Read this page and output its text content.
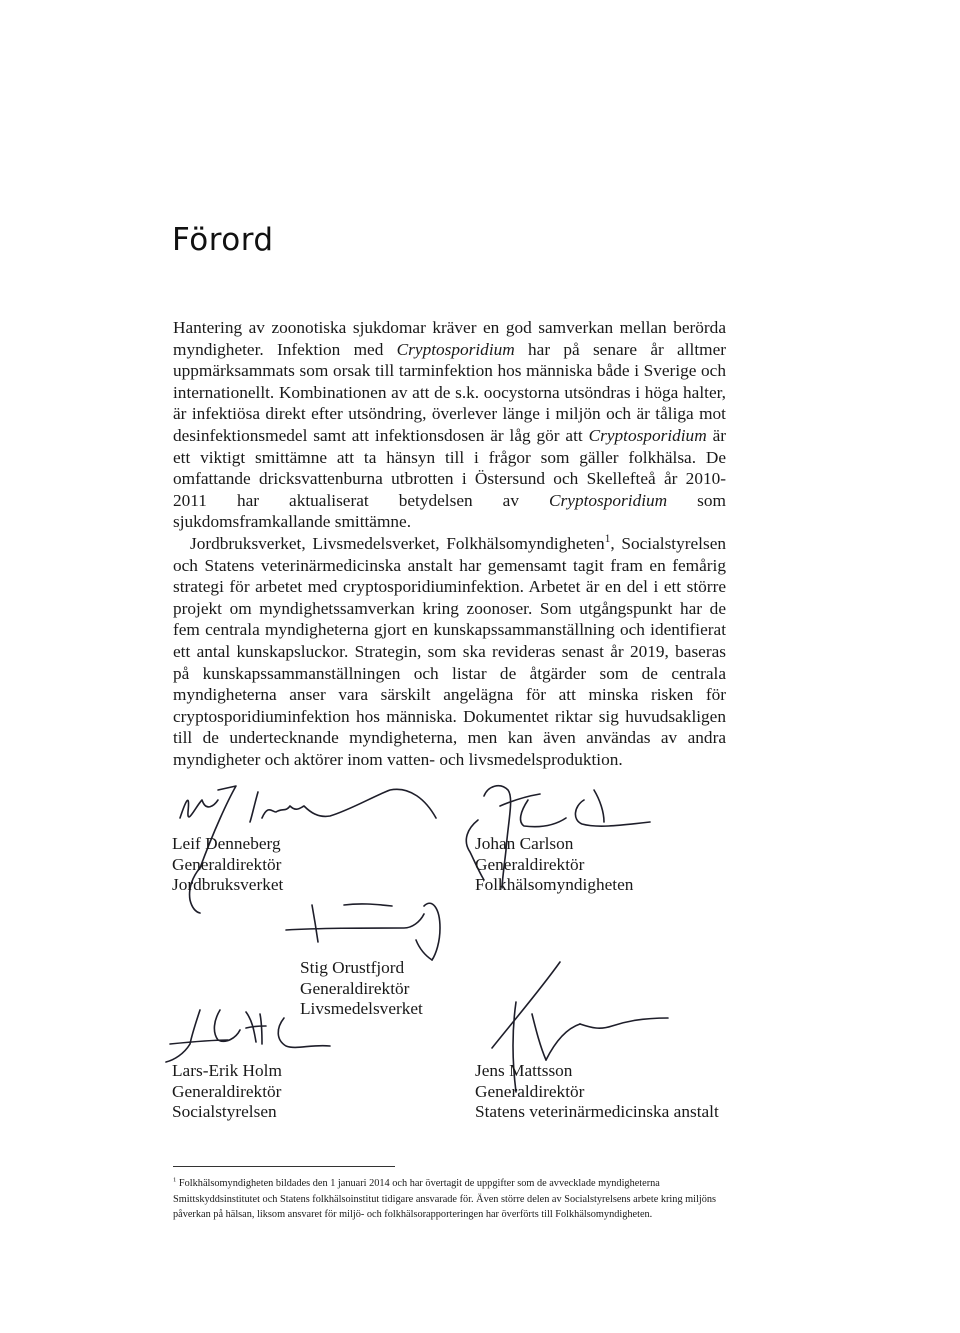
Förord

Hantering av zoonotiska sjukdomar kräver en god samverkan mellan berörda myndigheter. Infektion med Cryptosporidium har på senare år alltmer uppmärksammats som orsak till tarminfektion hos människa både i Sverige och internationellt. Kombinationen av att de s.k. oocystorna utsöndras i höga halter, är infektiösa direkt efter utsöndring, överlever länge i miljön och är tåliga mot desinfektionsmedel samt att infektionsdosen är låg gör att Cryptosporidium är ett viktigt smittämne att ta hänsyn till i frågor som gäller folkhälsa. De omfattande dricksvattenburna utbrotten i Östersund och Skellefteå år 2010-2011 har aktualiserat betydelsen av Cryptosporidium som sjukdomsframkallande smittämne.

Jordbruksverket, Livsmedelsverket, Folkhälsomyndigheten$^1$, Socialstyrelsen och Statens veterinärmedicinska anstalt har gemensamt tagit fram en femårig strategi för arbetet med cryptosporidiuminfektion. Arbetet är en del i ett större projekt om myndighetssamverkan kring zoonoser. Som utgångspunkt har de fem centrala myndigheterna gjort en kunskapssammanställning och identifierat ett antal kunskapsluckor. Strategin, som ska revideras senast år 2019, baseras på kunskapssammanställningen och listar de åtgärder som de centrala myndigheterna anser vara särskilt angelägna för att minska risken för cryptosporidiuminfektion hos människa. Dokumentet riktar sig huvudsakligen till de undertecknande myndigheterna, men kan även användas av andra myndigheter och aktörer inom vatten- och livsmedelsproduktion.

Leif Denneberg
Generaldirektör
Jordbruksverket
Johan Carlson
Generaldirektör
Folkhälsomyndigheten
Stig Orustfjord
Generaldirektör
Livsmedelsverket
Lars-Erik Holm
Generaldirektör
Socialstyrelsen
Jens Mattsson
Generaldirektör
Statens veterinärmedicinska anstalt

$^1$ Folkhälsomyndigheten bildades den 1 januari 2014 och har övertagit de uppgifter som de avvecklade myndigheterna Smittskyddsinstitutet och Statens folkhälsoinstitut tidigare ansvarade för. Även större delen av Socialstyrelsens arbete kring miljöns påverkan på hälsan, liksom ansvaret för miljö- och folkhälsorapporteringen har överförts till Folkhälsomyndigheten.
